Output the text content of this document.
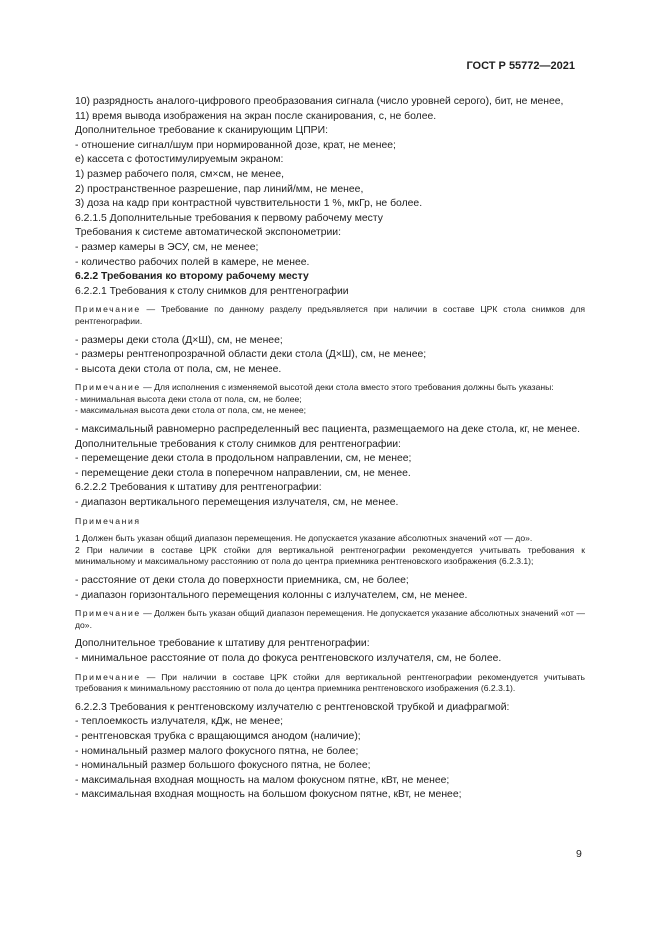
ГОСТ Р 55772—2021
10) разрядность аналого-цифрового преобразования сигнала (число уровней серого), бит, не менее,
11) время вывода изображения на экран после сканирования, с, не более.
Дополнительное требование к сканирующим ЦПРИ:
- отношение сигнал/шум при нормированной дозе, крат, не менее;
е) кассета с фотостимулируемым экраном:
1) размер рабочего поля, см×см, не менее,
2) пространственное разрешение, пар линий/мм, не менее,
3) доза на кадр при контрастной чувствительности 1 %, мкГр, не более.
6.2.1.5 Дополнительные требования к первому рабочему месту
Требования к системе автоматической экспонометрии:
- размер камеры в ЭСУ, см, не менее;
- количество рабочих полей в камере, не менее.
6.2.2 Требования ко второму рабочему месту
6.2.2.1 Требования к столу снимков для рентгенографии
Примечание — Требование по данному разделу предъявляется при наличии в составе ЦРК стола снимков для рентгенографии.
- размеры деки стола (Д×Ш), см, не менее;
- размеры рентгенопрозрачной области деки стола (Д×Ш), см, не менее;
- высота деки стола от пола, см, не менее.
Примечание — Для исполнения с изменяемой высотой деки стола вместо этого требования должны быть указаны:
- минимальная высота деки стола от пола, см, не более;
- максимальная высота деки стола от пола, см, не менее;
- максимальный равномерно распределенный вес пациента, размещаемого на деке стола, кг, не менее.
Дополнительные требования к столу снимков для рентгенографии:
- перемещение деки стола в продольном направлении, см, не менее;
- перемещение деки стола в поперечном направлении, см, не менее.
6.2.2.2 Требования к штативу для рентгенографии:
- диапазон вертикального перемещения излучателя, см, не менее.
Примечания
1 Должен быть указан общий диапазон перемещения. Не допускается указание абсолютных значений «от — до».
2 При наличии в составе ЦРК стойки для вертикальной рентгенографии рекомендуется учитывать требования к минимальному и максимальному расстоянию от пола до центра приемника рентгеновского изображения (6.2.3.1);
- расстояние от деки стола до поверхности приемника, см, не более;
- диапазон горизонтального перемещения колонны с излучателем, см, не менее.
Примечание — Должен быть указан общий диапазон перемещения. Не допускается указание абсолютных значений «от — до».
Дополнительное требование к штативу для рентгенографии:
- минимальное расстояние от пола до фокуса рентгеновского излучателя, см, не более.
Примечание — При наличии в составе ЦРК стойки для вертикальной рентгенографии рекомендуется учитывать требования к минимальному расстоянию от пола до центра приемника рентгеновского изображения (6.2.3.1).
6.2.2.3 Требования к рентгеновскому излучателю с рентгеновской трубкой и диафрагмой:
- теплоемкость излучателя, кДж, не менее;
- рентгеновская трубка с вращающимся анодом (наличие);
- номинальный размер малого фокусного пятна, не более;
- номинальный размер большого фокусного пятна, не более;
- максимальная входная мощность на малом фокусном пятне, кВт, не менее;
- максимальная входная мощность на большом фокусном пятне, кВт, не менее;
9
